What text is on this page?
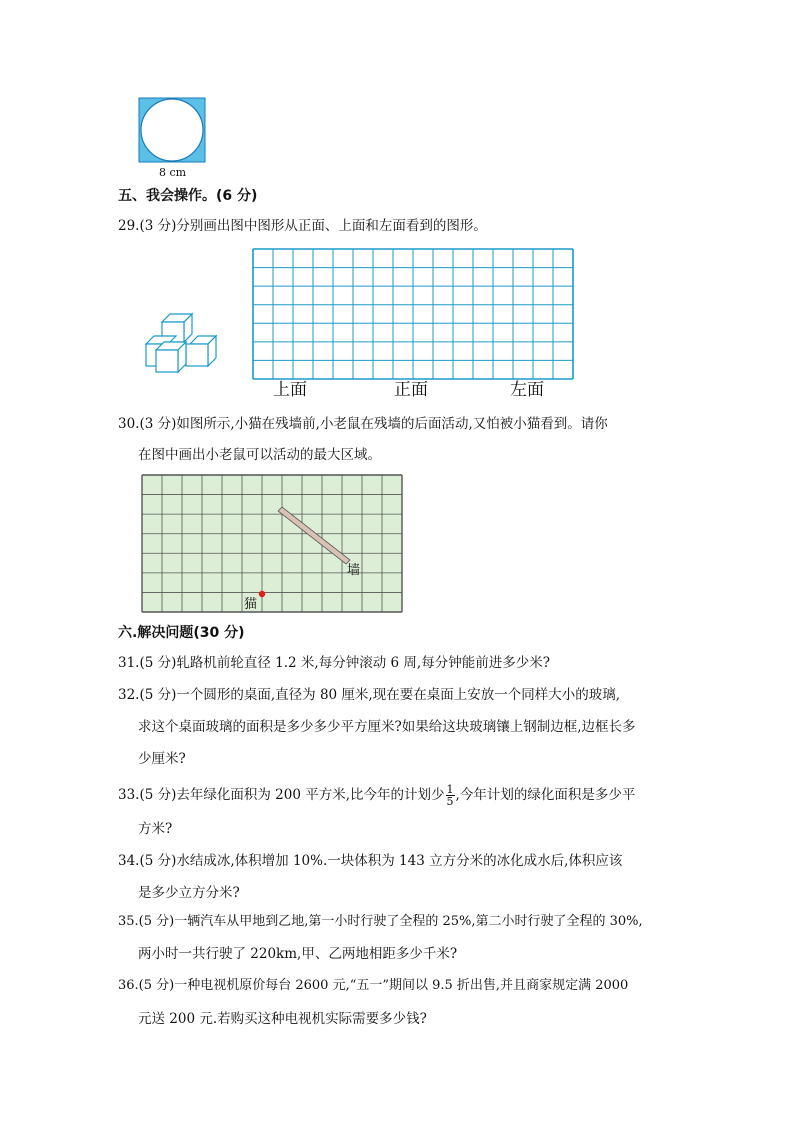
8 cm
五、我会操作。(6 分)
29.(3 分)分别画出图中图形从正面、上面和左面看到的图形。
上面	正面	左面
30.(3 分)如图所示,小猫在残墙前,小老鼠在残墙的后面活动,又怕被小猫看到。请你
在图中画出小老鼠可以活动的最大区域。
墙
猫
六.解决问题(30 分)
31.(5 分)轧路机前轮直径 1.2 米,每分钟滚动 6 周,每分钟能前进多少米?
32.(5 分)一个圆形的桌面,直径为 80 厘米,现在要在桌面上安放一个同样大小的玻璃,
求这个桌面玻璃的面积是多少多少平方厘米?如果给这块玻璃镶上钢制边框,边框长多
少厘米?
33.(5 分)去年绿化面积为 200 平方米,比今年的计划少 $\frac{1}{5}$ ,今年计划的绿化面积是多少平
方米?
34.(5 分)水结成冰,体积增加 10%.一块体积为 143 立方分米的冰化成水后,体积应该
是多少立方分米?
35.(5 分)一辆汽车从甲地到乙地,第一小时行驶了全程的 25%,第二小时行驶了全程的 30%,
两小时一共行驶了 220km,甲、乙两地相距多少千米?
36.(5 分)一种电视机原价每台 2600 元,“五一”期间以 9.5 折出售,并且商家规定满 2000
元送 200 元.若购买这种电视机实际需要多少钱?
